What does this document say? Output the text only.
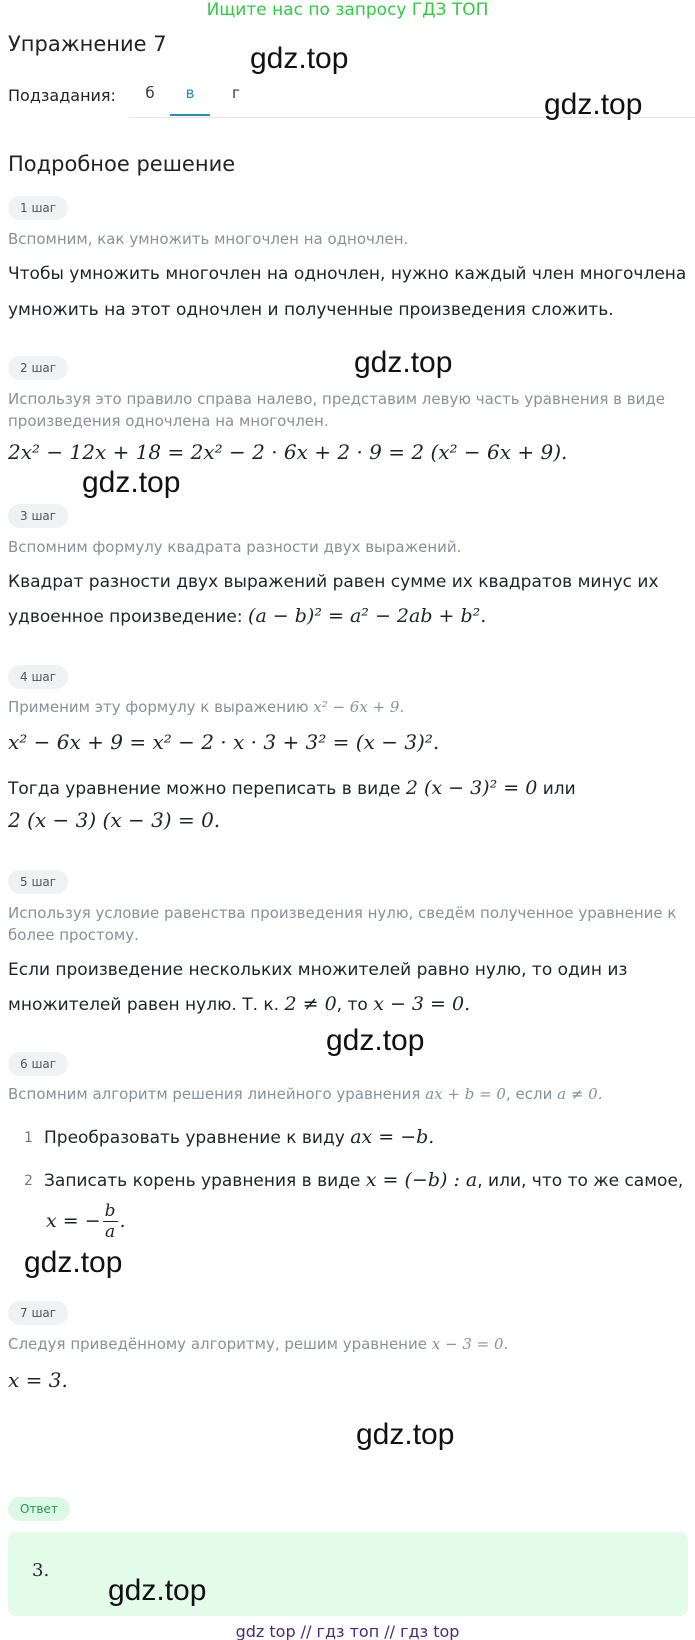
Ищите нас по запросу ГДЗ ТОП
Упражнение 7	gdz.top
Подзадания:	б	в	г	gdz.top
Подробное решение
1 шаг
Вспомним, как умножить многочлен на одночлен.
Чтобы умножить многочлен на одночлен, нужно каждый член многочлена умножить на этот одночлен и полученные произведения сложить.
gdz.top
2 шаг
Используя это правило справа налево, представим левую часть уравнения в виде произведения одночлена на многочлен.
2x² − 12x + 18 = 2x² − 2 · 6x + 2 · 9 = 2 (x² − 6x + 9).
gdz.top
3 шаг
Вспомним формулу квадрата разности двух выражений.
Квадрат разности двух выражений равен сумме их квадратов минус их
удвоенное произведение: (a − b)² = a² − 2ab + b².
4 шаг
Применим эту формулу к выражению x² − 6x + 9.
x² − 6x + 9 = x² − 2 · x · 3 + 3² = (x − 3)².
Тогда уравнение можно переписать в виде 2 (x − 3)² = 0 или
2 (x − 3) (x − 3) = 0.
5 шаг
Используя условие равенства произведения нулю, сведём полученное уравнение к более простому.
Если произведение нескольких множителей равно нулю, то один из
множителей равен нулю. Т. к. 2 ≠ 0, то x − 3 = 0.
gdz.top
6 шаг
Вспомним алгоритм решения линейного уравнения ax + b = 0, если a ≠ 0.
1 Преобразовать уравнение к виду ax = −b.
2 Записать корень уравнения в виде x = (−b) : a, или, что то же самое,
x = − $\frac{b}{a}$ .
gdz.top
7 шаг
Следуя приведённому алгоритму, решим уравнение x − 3 = 0.
x = 3.
gdz.top
Ответ
3.
gdz.top
gdz top // гдз топ // гдз top
